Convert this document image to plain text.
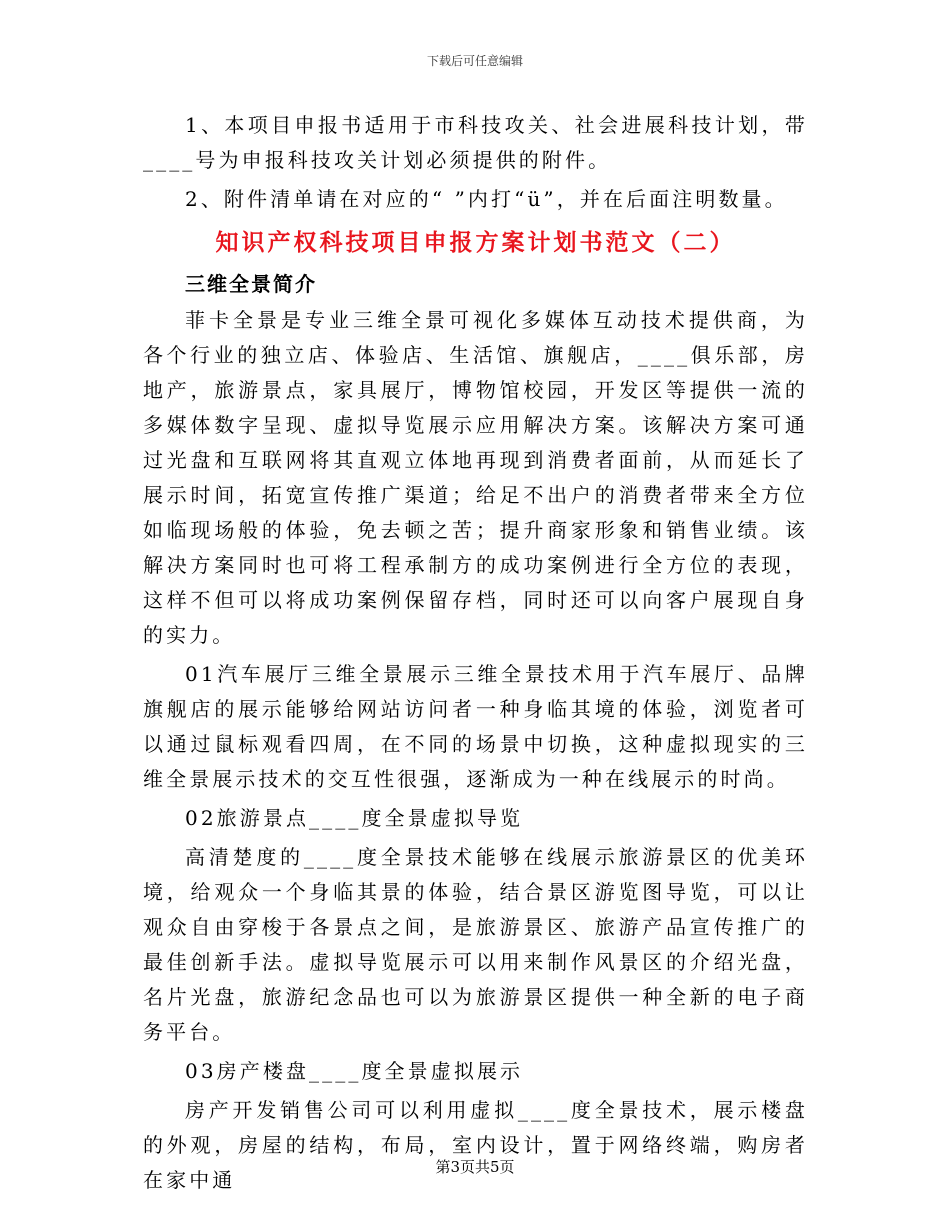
下载后可任意编辑

1、本项目申报书适用于市科技攻关、社会进展科技计划，带____号为申报科技攻关计划必须提供的附件。

2、附件清单请在对应的“ ”内打“ü”，并在后面注明数量。

知识产权科技项目申报方案计划书范文（二）
三维全景简介

菲卡全景是专业三维全景可视化多媒体互动技术提供商，为各个行业的独立店、体验店、生活馆、旗舰店，____俱乐部，房地产，旅游景点，家具展厅，博物馆校园，开发区等提供一流的多媒体数字呈现、虚拟导览展示应用解决方案。该解决方案可通过光盘和互联网将其直观立体地再现到消费者面前，从而延长了展示时间，拓宽宣传推广渠道；给足不出户的消费者带来全方位如临现场般的体验，免去顿之苦；提升商家形象和销售业绩。该解决方案同时也可将工程承制方的成功案例进行全方位的表现，这样不但可以将成功案例保留存档，同时还可以向客户展现自身的实力。

01汽车展厅三维全景展示三维全景技术用于汽车展厅、品牌旗舰店的展示能够给网站访问者一种身临其境的体验，浏览者可以通过鼠标观看四周，在不同的场景中切换，这种虚拟现实的三维全景展示技术的交互性很强，逐渐成为一种在线展示的时尚。

02旅游景点____度全景虚拟导览

高清楚度的____度全景技术能够在线展示旅游景区的优美环境，给观众一个身临其景的体验，结合景区游览图导览，可以让观众自由穿梭于各景点之间，是旅游景区、旅游产品宣传推广的最佳创新手法。虚拟导览展示可以用来制作风景区的介绍光盘，名片光盘，旅游纪念品也可以为旅游景区提供一种全新的电子商务平台。

03房产楼盘____度全景虚拟展示

房产开发销售公司可以利用虚拟____度全景技术，展示楼盘的外观，房屋的结构，布局，室内设计，置于网络终端，购房者在家中通

第3页共5页
